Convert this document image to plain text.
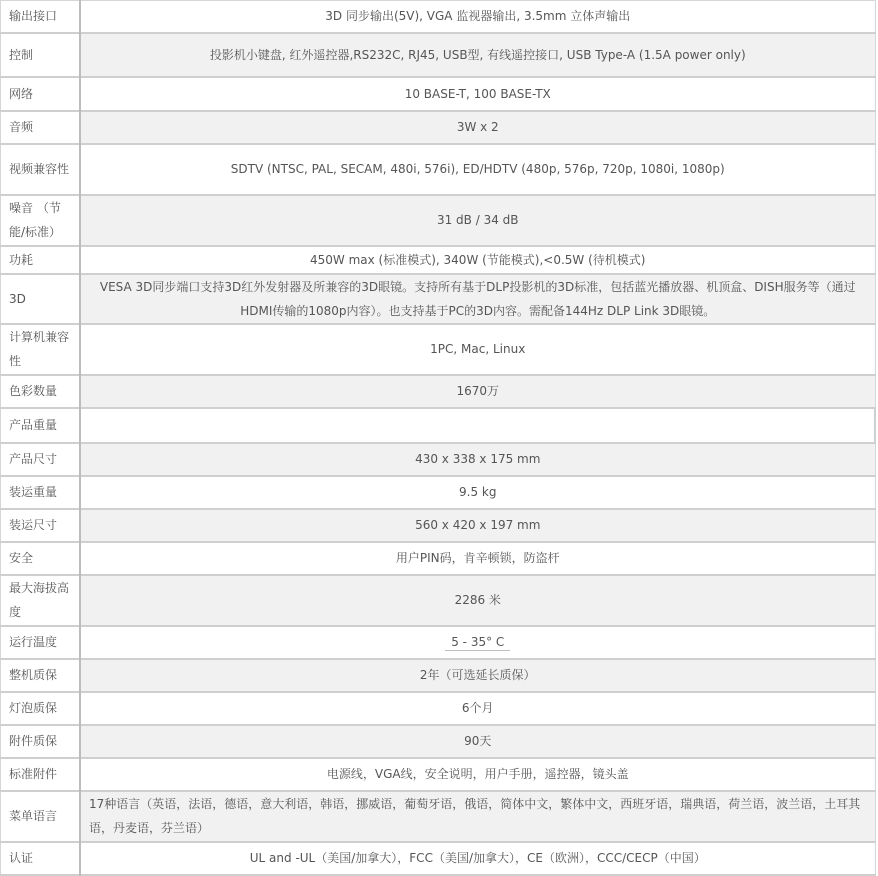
输出接口	3D 同步输出(5V), VGA 监视器输出, 3.5mm 立体声输出
控制	投影机小键盘, 红外遥控器,RS232C, RJ45, USB型, 有线遥控接口, USB Type-A (1.5A power only)
网络	10 BASE-T, 100 BASE-TX
音频	3W x 2
视频兼容性	SDTV (NTSC, PAL, SECAM, 480i, 576i), ED/HDTV (480p, 576p, 720p, 1080i, 1080p)
噪音 （节能/标准）	31 dB / 34 dB
功耗	450W max (标准模式), 340W (节能模式),<0.5W (待机模式)
3D	VESA 3D同步端口支持3D红外发射器及所兼容的3D眼镜。支持所有基于DLP投影机的3D标准，包括蓝光播放器、机顶盒、DISH服务等（通过HDMI传输的1080p内容）。也支持基于PC的3D内容。需配备144Hz DLP Link 3D眼镜。
计算机兼容性	1PC, Mac, Linux
色彩数量	1670万
产品重量	
产品尺寸	430 x 338 x 175 mm
装运重量	9.5 kg
装运尺寸	560 x 420 x 197 mm
安全	用户PIN码，肯辛顿锁，防盗杆
最大海拔高度	2286 米
运行温度	5 - 35° C
整机质保	2年（可选延长质保）
灯泡质保	6个月
附件质保	90天
标准附件	电源线，VGA线，安全说明，用户手册，遥控器，镜头盖
菜单语言	17种语言（英语，法语，德语，意大利语，韩语，挪威语，葡萄牙语，俄语，简体中文，繁体中文，西班牙语，瑞典语，荷兰语，波兰语，土耳其语，丹麦语，芬兰语）
认证	UL and -UL（美国/加拿大），FCC（美国/加拿大），CE（欧洲），CCC/CECP（中国）
